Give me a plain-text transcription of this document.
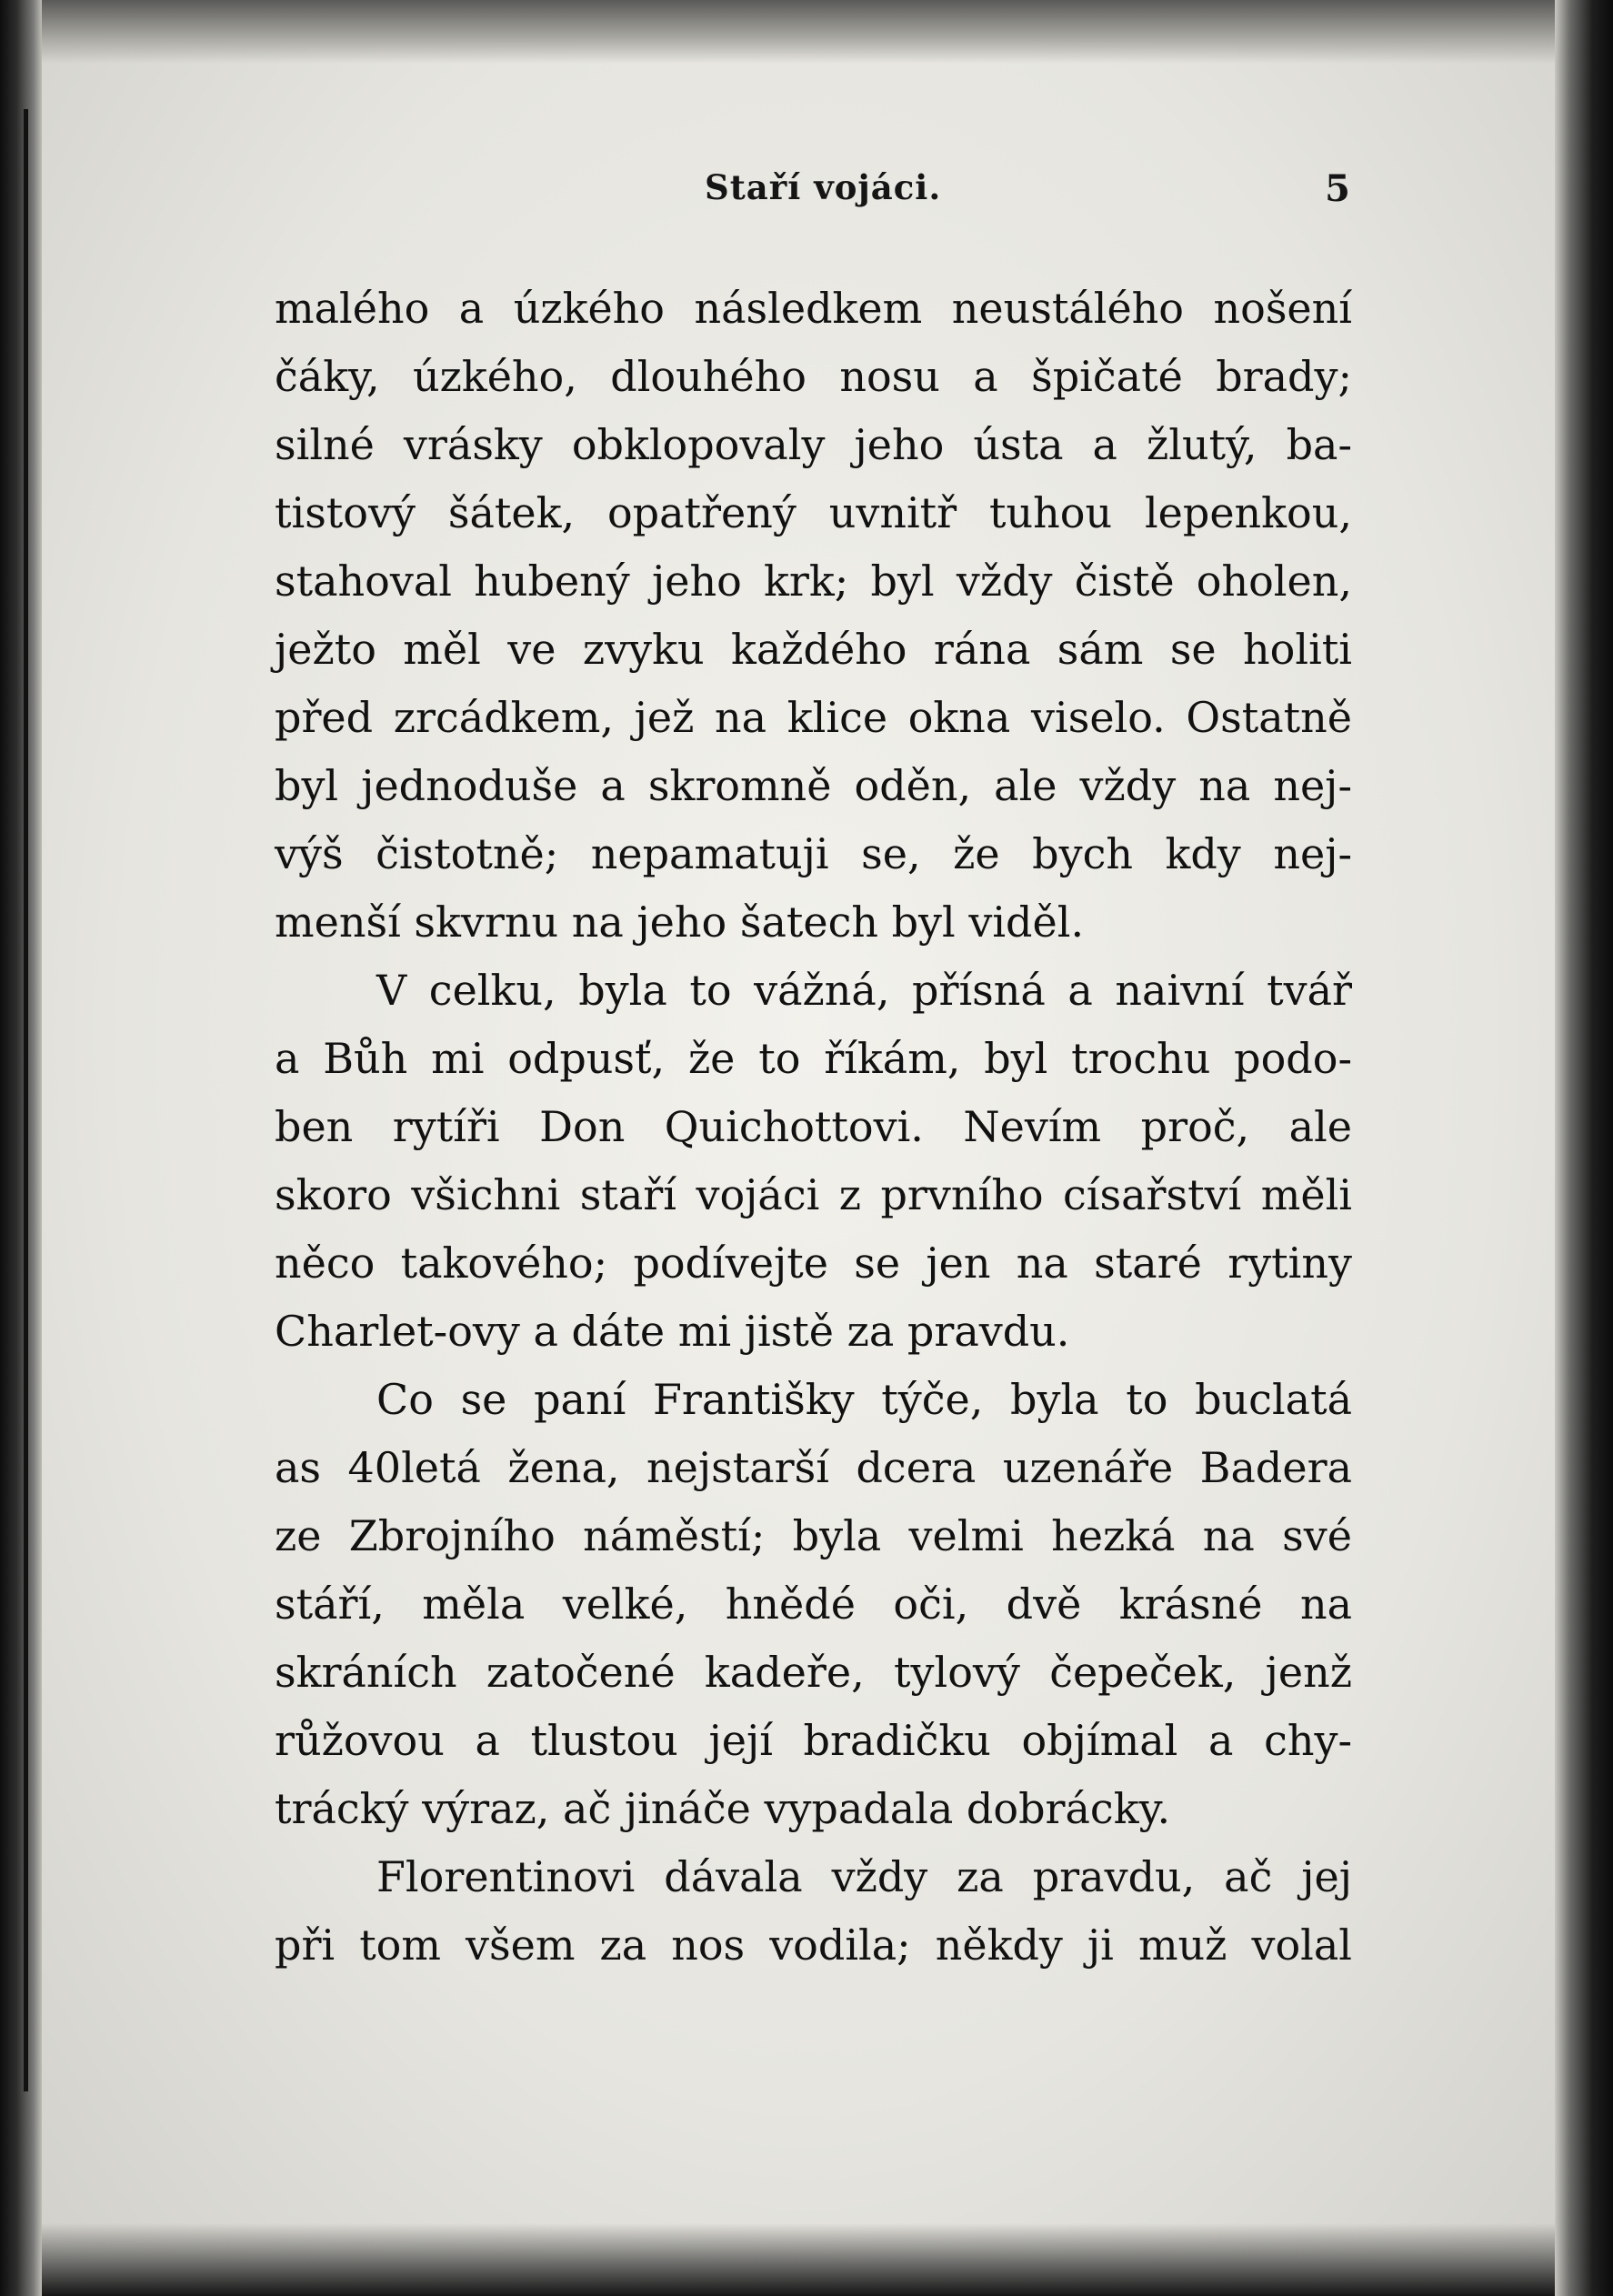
Staří vojáci.	5
malého a úzkého následkem neustálého nošení
čáky, úzkého, dlouhého nosu a špičaté brady;
silné vrásky obklopovaly jeho ústa a žlutý, ba-
tistový šátek, opatřený uvnitř tuhou lepenkou,
stahoval hubený jeho krk; byl vždy čistě oholen,
ježto měl ve zvyku každého rána sám se holiti
před zrcádkem, jež na klice okna viselo. Ostatně
byl jednoduše a skromně oděn, ale vždy na nej-
výš čistotně; nepamatuji se, že bych kdy nej-
menší skvrnu na jeho šatech byl viděl.
V celku, byla to vážná, přísná a naivní tvář
a Bůh mi odpusť, že to říkám, byl trochu podo-
ben rytíři Don Quichottovi. Nevím proč, ale
skoro všichni staří vojáci z prvního císařství měli
něco takového; podívejte se jen na staré rytiny
Charlet-ovy a dáte mi jistě za pravdu.
Co se paní Františky týče, byla to buclatá
as 40letá žena, nejstarší dcera uzenáře Badera
ze Zbrojního náměstí; byla velmi hezká na své
stáří, měla velké, hnědé oči, dvě krásné na
skráních zatočené kadeře, tylový čepeček, jenž
růžovou a tlustou její bradičku objímal a chy-
trácký výraz, ač jináče vypadala dobrácky.
Florentinovi dávala vždy za pravdu, ač jej
při tom všem za nos vodila; někdy ji muž volal
